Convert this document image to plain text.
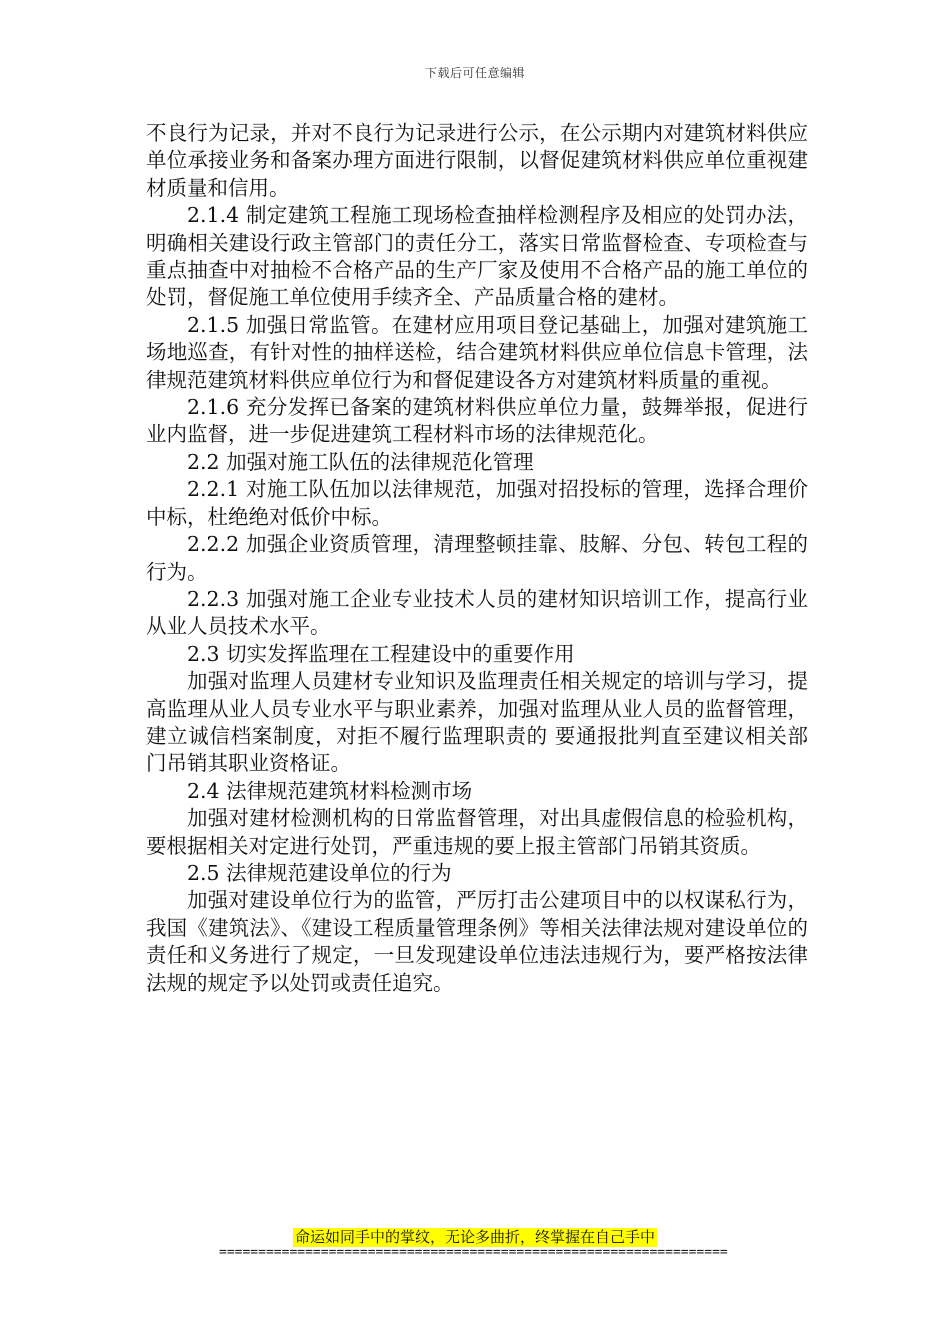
下载后可任意编辑

不良行为记录，并对不良行为记录进行公示，在公示期内对建筑材料供应单位承接业务和备案办理方面进行限制，以督促建筑材料供应单位重视建材质量和信用。

2.1.4 制定建筑工程施工现场检查抽样检测程序及相应的处罚办法，明确相关建设行政主管部门的责任分工，落实日常监督检查、专项检查与重点抽查中对抽检不合格产品的生产厂家及使用不合格产品的施工单位的处罚，督促施工单位使用手续齐全、产品质量合格的建材。

2.1.5 加强日常监管。在建材应用项目登记基础上，加强对建筑施工场地巡查，有针对性的抽样送检，结合建筑材料供应单位信息卡管理，法律规范建筑材料供应单位行为和督促建设各方对建筑材料质量的重视。

2.1.6 充分发挥已备案的建筑材料供应单位力量，鼓舞举报，促进行业内监督，进一步促进建筑工程材料市场的法律规范化。

2.2 加强对施工队伍的法律规范化管理

2.2.1 对施工队伍加以法律规范，加强对招投标的管理，选择合理价中标，杜绝绝对低价中标。

2.2.2 加强企业资质管理，清理整顿挂靠、肢解、分包、转包工程的行为。

2.2.3 加强对施工企业专业技术人员的建材知识培训工作，提高行业从业人员技术水平。

2.3 切实发挥监理在工程建设中的重要作用

加强对监理人员建材专业知识及监理责任相关规定的培训与学习，提高监理从业人员专业水平与职业素养，加强对监理从业人员的监督管理，建立诚信档案制度，对拒不履行监理职责的 要通报批判直至建议相关部门吊销其职业资格证。

2.4 法律规范建筑材料检测市场

加强对建材检测机构的日常监督管理，对出具虚假信息的检验机构，要根据相关对定进行处罚，严重违规的要上报主管部门吊销其资质。

2.5 法律规范建设单位的行为

加强对建设单位行为的监管，严厉打击公建项目中的以权谋私行为，我国《建筑法》、《建设工程质量管理条例》等相关法律法规对建设单位的责任和义务进行了规定，一旦发现建设单位违法违规行为，要严格按法律法规的规定予以处罚或责任追究。

命运如同手中的掌纹，无论多曲折，终掌握在自己手中
=================================================================
